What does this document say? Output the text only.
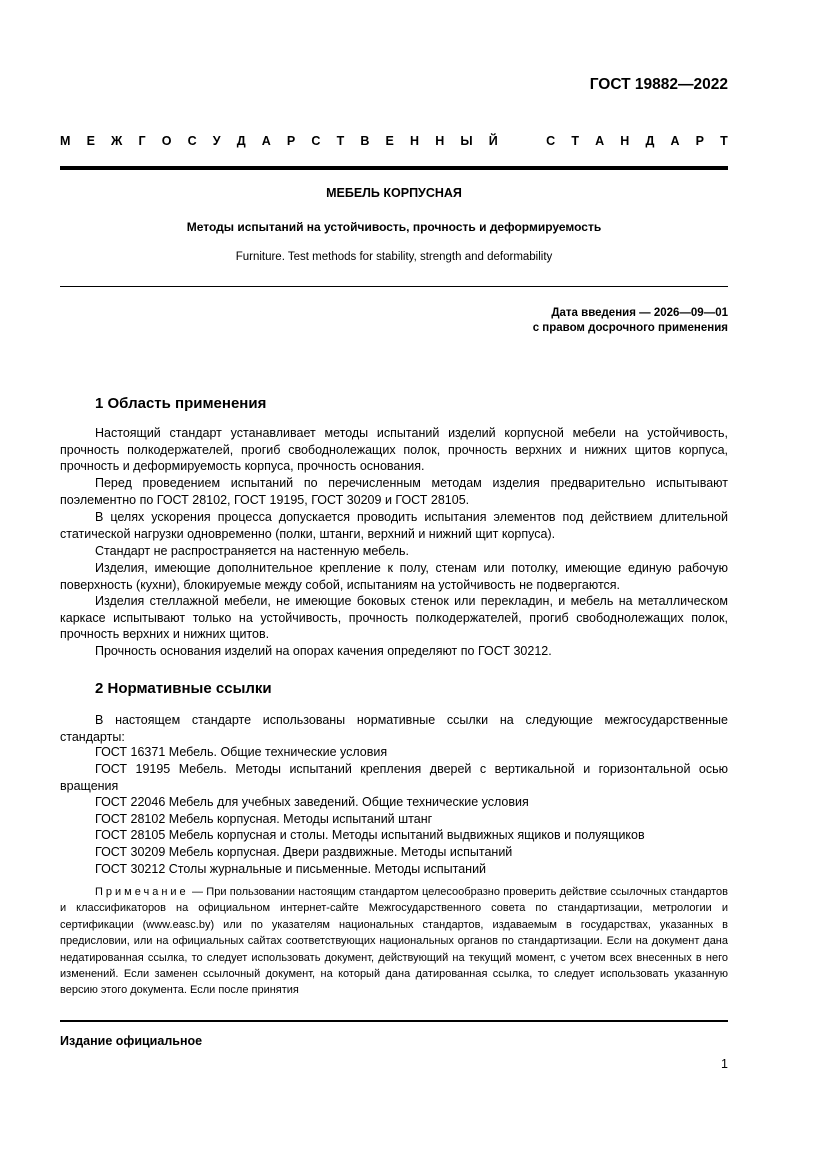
ГОСТ 19882—2022
М Е Ж Г О С У Д А Р С Т В Е Н Н Ы Й	С Т А Н Д А Р Т
МЕБЕЛЬ КОРПУСНАЯ
Методы испытаний на устойчивость, прочность и деформируемость
Furniture. Test methods for stability, strength and deformability
Дата введения — 2026—09—01
с правом досрочного применения
1 Область применения
Настоящий стандарт устанавливает методы испытаний изделий корпусной мебели на устойчивость, прочность полкодержателей, прогиб свободнолежащих полок, прочность верхних и нижних щитов корпуса, прочность и деформируемость корпуса, прочность основания.
Перед проведением испытаний по перечисленным методам изделия предварительно испытывают поэлементно по ГОСТ 28102, ГОСТ 19195, ГОСТ 30209 и ГОСТ 28105.
В целях ускорения процесса допускается проводить испытания элементов под действием длительной статической нагрузки одновременно (полки, штанги, верхний и нижний щит корпуса).
Стандарт не распространяется на настенную мебель.
Изделия, имеющие дополнительное крепление к полу, стенам или потолку, имеющие единую рабочую поверхность (кухни), блокируемые между собой, испытаниям на устойчивость не подвергаются.
Изделия стеллажной мебели, не имеющие боковых стенок или перекладин, и мебель на металлическом каркасе испытывают только на устойчивость, прочность полкодержателей, прогиб свободнолежащих полок, прочность верхних и нижних щитов.
Прочность основания изделий на опорах качения определяют по ГОСТ 30212.
2 Нормативные ссылки
В настоящем стандарте использованы нормативные ссылки на следующие межгосударственные стандарты:
ГОСТ 16371 Мебель. Общие технические условия
ГОСТ 19195 Мебель. Методы испытаний крепления дверей с вертикальной и горизонтальной осью вращения
ГОСТ 22046 Мебель для учебных заведений. Общие технические условия
ГОСТ 28102 Мебель корпусная. Методы испытаний штанг
ГОСТ 28105 Мебель корпусная и столы. Методы испытаний выдвижных ящиков и полуящиков
ГОСТ 30209 Мебель корпусная. Двери раздвижные. Методы испытаний
ГОСТ 30212 Столы журнальные и письменные. Методы испытаний
Примечание — При пользовании настоящим стандартом целесообразно проверить действие ссылочных стандартов и классификаторов на официальном интернет-сайте Межгосударственного совета по стандартизации, метрологии и сертификации (www.easc.by) или по указателям национальных стандартов, издаваемым в государствах, указанных в предисловии, или на официальных сайтах соответствующих национальных органов по стандартизации. Если на документ дана недатированная ссылка, то следует использовать документ, действующий на текущий момент, с учетом всех внесенных в него изменений. Если заменен ссылочный документ, на который дана датированная ссылка, то следует использовать указанную версию этого документа. Если после принятия
Издание официальное
1
